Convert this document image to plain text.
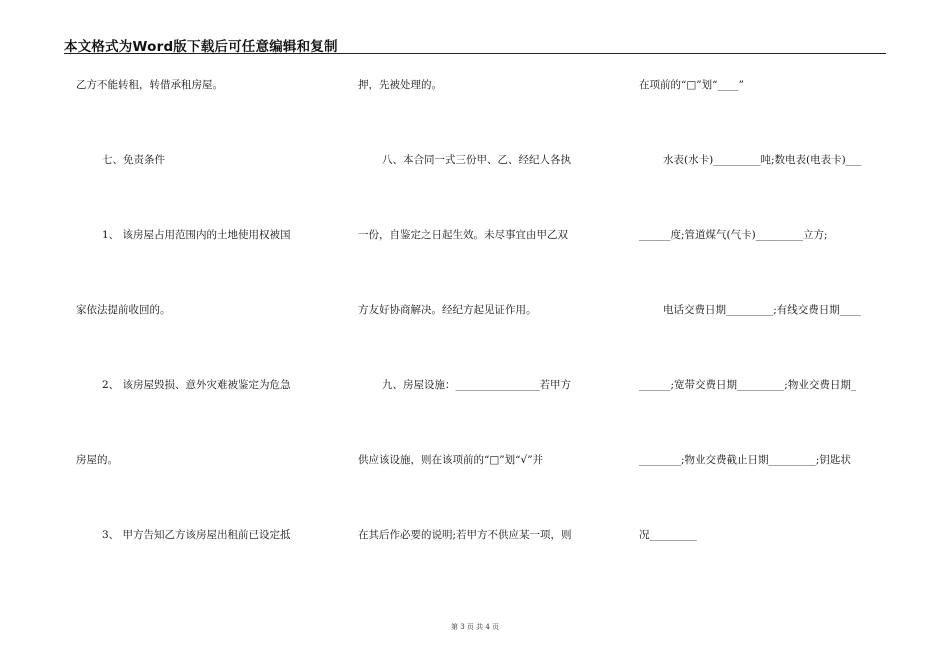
本文格式为Word版下载后可任意编辑和复制
乙方不能转租，转借承租房屋。
七、免责条件
1、 该房屋占用范围内的土地使用权被国
家依法提前收回的。
2、 该房屋毁损、意外灾难被鉴定为危急
房屋的。
3、 甲方告知乙方该房屋出租前已设定抵
押，先被处理的。
八、本合同一式三份甲、乙、经纪人各执
一份，自鉴定之日起生效。未尽事宜由甲乙双
方友好协商解决。经纪方起见证作用。
九、房屋设施：________________若甲方
供应该设施，则在该项前的“□”划“√”并
在其后作必要的说明;若甲方不供应某一项，则
在项前的“□”划“____”
水表(水卡)_________吨;数电表(电表卡)___
______度;管道煤气(气卡)_________立方;
电话交费日期_________;有线交费日期____
______;宽带交费日期_________;物业交费日期_
________;物业交费截止日期_________;钥匙状
况_________
第 3 页 共 4 页
